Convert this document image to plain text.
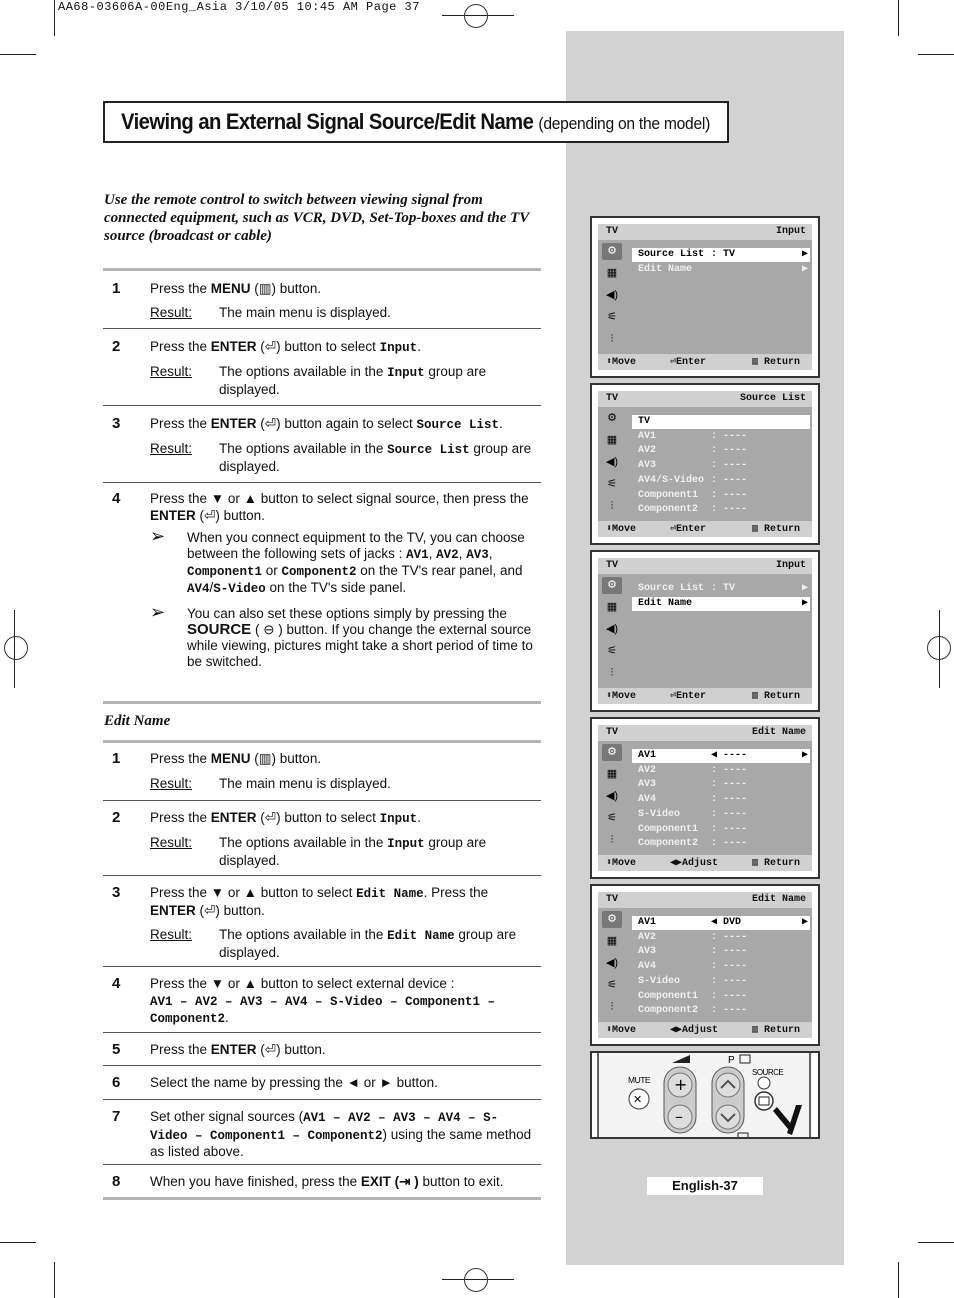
AA68-03606A-00Eng_Asia 3/10/05 10:45 AM Page 37
Viewing an External Signal Source/Edit Name (depending on the model)
Use the remote control to switch between viewing signal from connected equipment, such as VCR, DVD, Set-Top-boxes and the TV source (broadcast or cable)
1 Press the MENU (▥) button.
Result: The main menu is displayed.
2 Press the ENTER (⏎) button to select Input.
Result: The options available in the Input group are displayed.
3 Press the ENTER (⏎) button again to select Source List.
Result: The options available in the Source List group are displayed.
4 Press the ▼ or ▲ button to select signal source, then press the ENTER (⏎) button.
➢ When you connect equipment to the TV, you can choose between the following sets of jacks : AV1, AV2, AV3, Component1 or Component2 on the TV's rear panel, and AV4/S-Video on the TV's side panel.
➢ You can also set these options simply by pressing the SOURCE ( ⊖ ) button. If you change the external source while viewing, pictures might take a short period of time to be switched.
Edit Name
1 Press the MENU (▥) button.
Result: The main menu is displayed.
2 Press the ENTER (⏎) button to select Input.
Result: The options available in the Input group are displayed.
3 Press the ▼ or ▲ button to select Edit Name. Press the ENTER (⏎) button.
Result: The options available in the Edit Name group are displayed.
4 Press the ▼ or ▲ button to select external device :
AV1 – AV2 – AV3 – AV4 – S-Video – Component1 – Component2.
5 Press the ENTER (⏎) button.
6 Select the name by pressing the ◄ or ► button.
7 Set other signal sources (AV1 – AV2 – AV3 – AV4 – S-Video – Component1 – Component2) using the same method as listed above.
8 When you have finished, press the EXIT (⇥ ) button to exit.
TV	Input
⚙
▦
◀)
⚟
⫶
Source List : TV	▶
Edit Name	▶
⬍Move	⏎Enter	▥ Return
TV	Source List
⚙
▦
◀)
⚟
⫶
TV
AV1	: ----
AV2	: ----
AV3	: ----
AV4/S-Video : ----
Component1 : ----
Component2 : ----
⬍Move	⏎Enter	▥ Return
TV	Input
⚙
▦
◀)
⚟
⫶
Source List : TV	▶
Edit Name	▶
⬍Move	⏎Enter	▥ Return
TV	Edit Name
⚙
▦
◀)
⚟
⫶
AV1	◀ ----	▶
AV2	: ----
AV3	: ----
AV4	: ----
S-Video	: ----
Component1 : ----
Component2 : ----
⬍Move	◀▶Adjust	▥ Return
TV	Edit Name
⚙
▦
◀)
⚟
⫶
AV1	◀ DVD	▶
AV2	: ----
AV3	: ----
AV4	: ----
S-Video	: ----
Component1 : ----
Component2 : ----
⬍Move	◀▶Adjust	▥ Return
P
MUTE
✕
+
–
SOURCE
English-37
